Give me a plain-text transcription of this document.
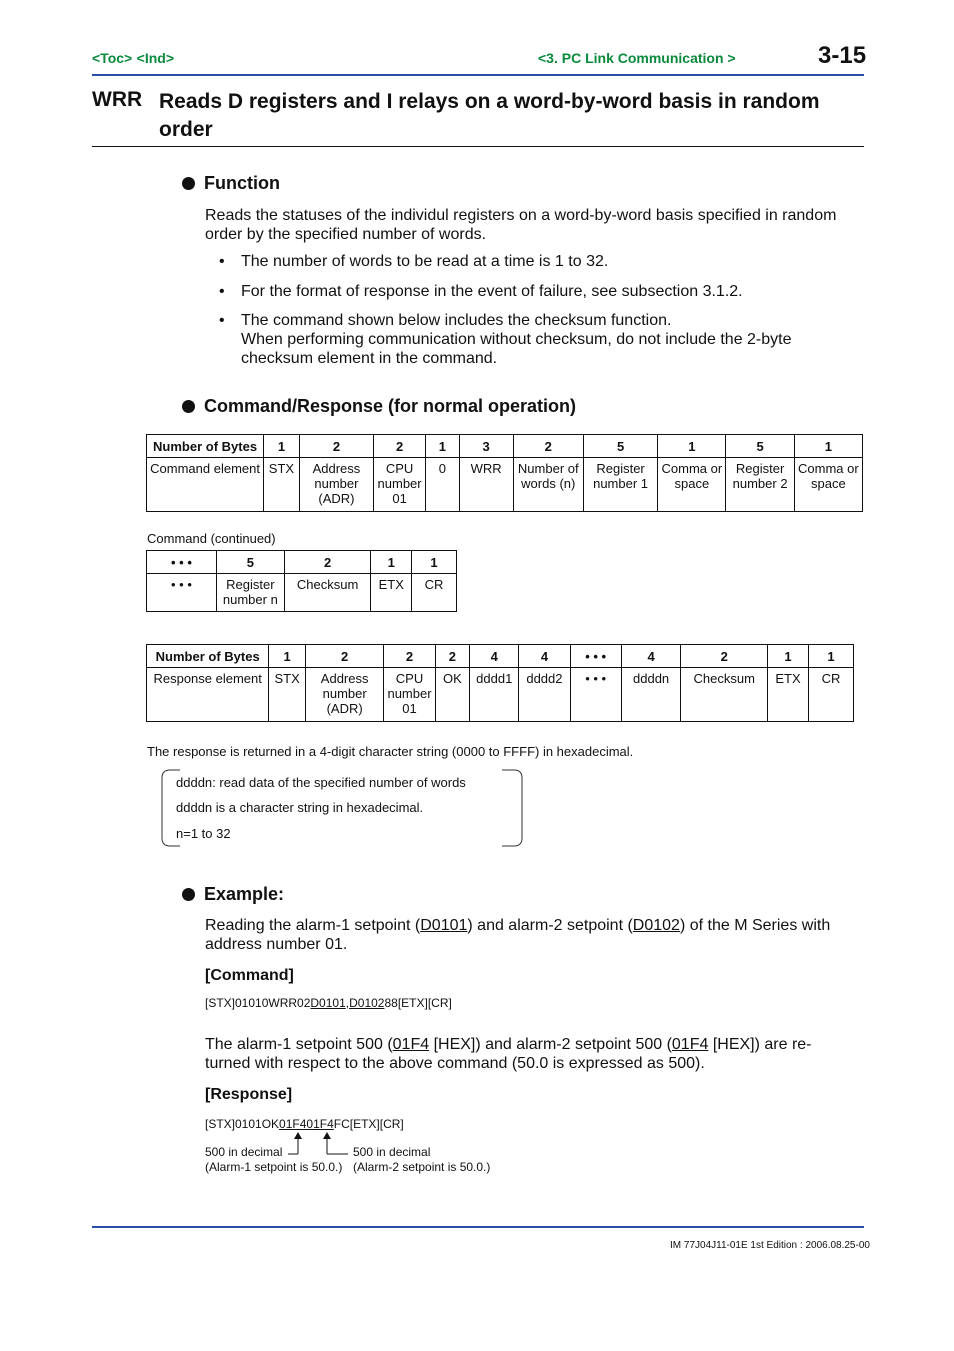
<Toc> <Ind>	<3. PC Link Communication >	3-15
WRR Reads D registers and I relays on a word-by-word basis in random order
Function
Reads the statuses of the individul registers on a word-by-word basis specified in random order by the specified number of words.
• The number of words to be read at a time is 1 to 32.
• For the format of response in the event of failure, see subsection 3.1.2.
• The command shown below includes the checksum function.
When performing communication without checksum, do not include the 2-byte checksum element in the command.
Command/Response (for normal operation)
Number of Bytes	1	2	2	1	3	2	5	1	5	1
Command element	STX	Address number (ADR)	CPU number 01	0	WRR	Number of words (n)	Register number 1	Comma or space	Register number 2	Comma or space
Command (continued)
• • •	5	2	1	1
• • •	Register number n	Checksum	ETX	CR
Number of Bytes	1	2	2	2	4	4	• • •	4	2	1	1
Response element	STX	Address number (ADR)	CPU number 01	OK	dddd1	dddd2	• • •	ddddn	Checksum	ETX	CR
The response is returned in a 4-digit character string (0000 to FFFF) in hexadecimal.
ddddn: read data of the specified number of words
ddddn is a character string in hexadecimal.
n=1 to 32
Example:
Reading the alarm-1 setpoint (D0101) and alarm-2 setpoint (D0102) of the M Series with address number 01.
[Command]
[STX]01010WRR02D0101,D010288[ETX][CR]
The alarm-1 setpoint 500 (01F4 [HEX]) and alarm-2 setpoint 500 (01F4 [HEX]) are re-turned with respect to the above command (50.0 is expressed as 500).
[Response]
[STX]0101OK01F401F4FC[ETX][CR]
500 in decimal
(Alarm-1 setpoint is 50.0.)
500 in decimal
(Alarm-2 setpoint is 50.0.)
IM 77J04J11-01E 1st Edition : 2006.08.25-00
